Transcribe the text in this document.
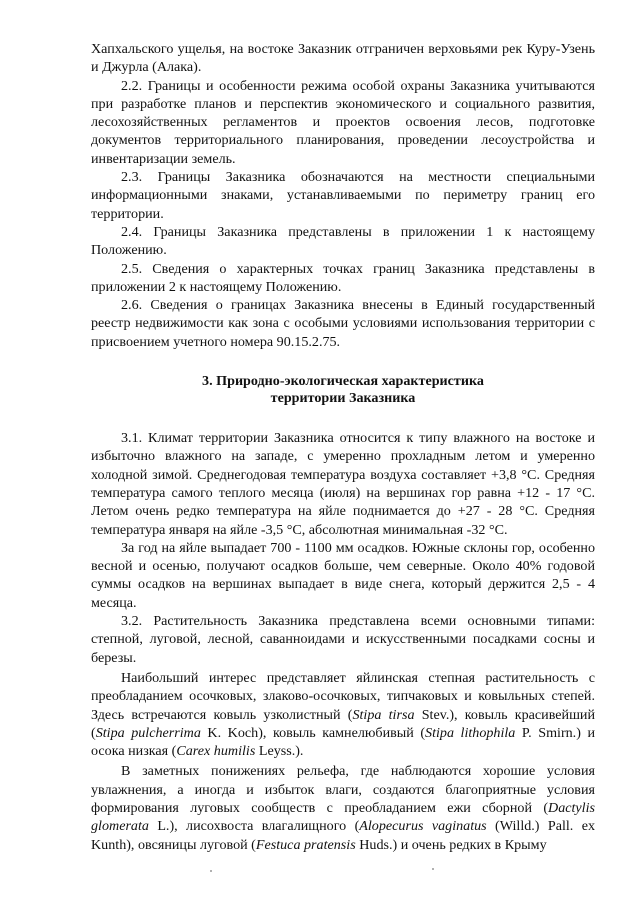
Хапхальского ущелья, на востоке Заказник отграничен верховьями рек Куру-Узень и Джурла (Алака).

2.2. Границы и особенности режима особой охраны Заказника учитываются при разработке планов и перспектив экономического и социального развития, лесохозяйственных регламентов и проектов освоения лесов, подготовке документов территориального планирования, проведении лесоустройства и инвентаризации земель.

2.3. Границы Заказника обозначаются на местности специальными информационными знаками, устанавливаемыми по периметру границ его территории.

2.4. Границы Заказника представлены в приложении 1 к настоящему Положению.

2.5. Сведения о характерных точках границ Заказника представлены в приложении 2 к настоящему Положению.

2.6. Сведения о границах Заказника внесены в Единый государственный реестр недвижимости как зона с особыми условиями использования территории с присвоением учетного номера 90.15.2.75.

3. Природно-экологическая характеристика
территории Заказника

3.1. Климат территории Заказника относится к типу влажного на востоке и избыточно влажного на западе, с умеренно прохладным летом и умеренно холодной зимой. Среднегодовая температура воздуха составляет +3,8 °С. Средняя температура самого теплого месяца (июля) на вершинах гор равна +12 - 17 °С. Летом очень редко температура на яйле поднимается до +27 - 28 °С. Средняя температура января на яйле -3,5 °С, абсолютная минимальная -32 °С.

За год на яйле выпадает 700 - 1100 мм осадков. Южные склоны гор, особенно весной и осенью, получают осадков больше, чем северные. Около 40% годовой суммы осадков на вершинах выпадает в виде снега, который держится 2,5 - 4 месяца.

3.2. Растительность Заказника представлена всеми основными типами: степной, луговой, лесной, саванноидами и искусственными посадками сосны и березы.

Наибольший интерес представляет яйлинская степная растительность с преобладанием осочковых, злаково-осочковых, типчаковых и ковыльных степей. Здесь встречаются ковыль узколистный (Stipa tirsa Stev.), ковыль красивейший (Stipa pulcherrima K. Koch), ковыль камнелюбивый (Stipa lithophila P. Smirn.) и осока низкая (Carex humilis Leyss.).

В заметных понижениях рельефа, где наблюдаются хорошие условия увлажнения, а иногда и избыток влаги, создаются благоприятные условия формирования луговых сообществ с преобладанием ежи сборной (Dactylis glomerata L.), лисохвоста влагалищного (Alopecurus vaginatus (Willd.) Pall. ex Kunth), овсяницы луговой (Festuca pratensis Huds.) и очень редких в Крыму
